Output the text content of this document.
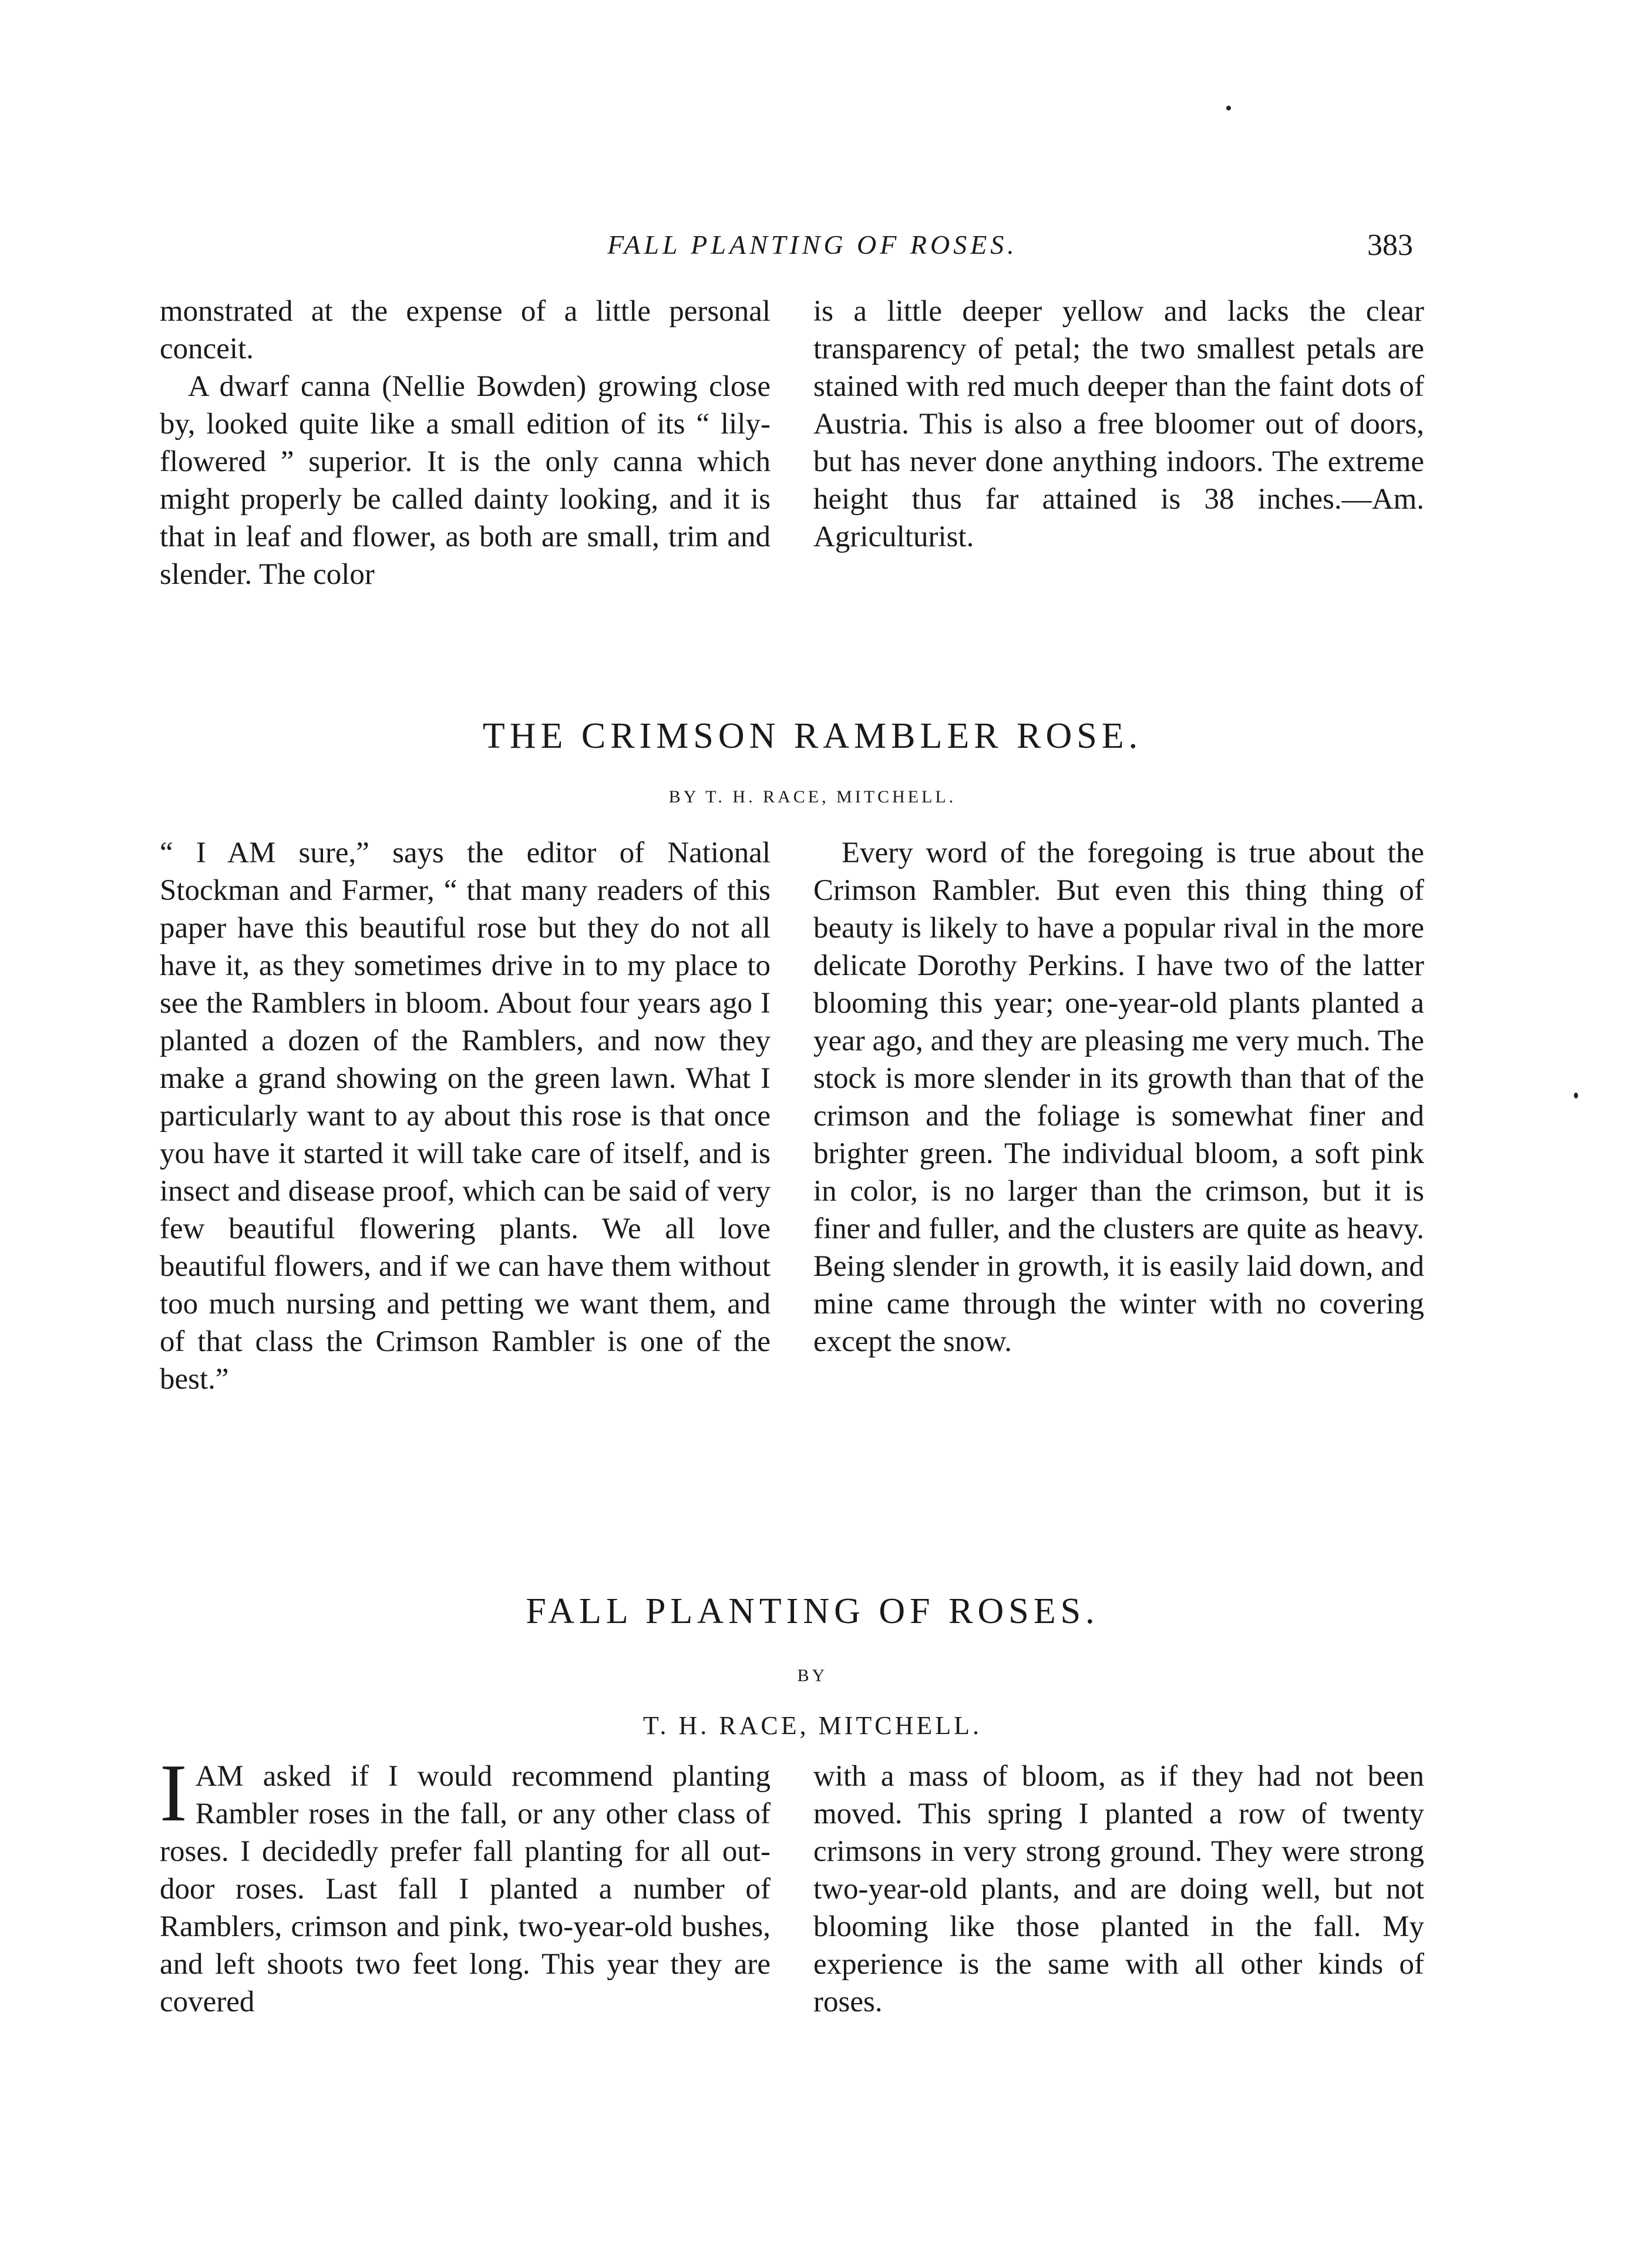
FALL PLANTING OF ROSES.	383

monstrated at the expense of a little personal conceit.

A dwarf canna (Nellie Bowden) growing close by, looked quite like a small edition of its “ lily-flowered ” superior. It is the only canna which might properly be called dainty looking, and it is that in leaf and flower, as both are small, trim and slender. The color

is a little deeper yellow and lacks the clear transparency of petal; the two smallest petals are stained with red much deeper than the faint dots of Austria. This is also a free bloomer out of doors, but has never done anything indoors. The extreme height thus far attained is 38 inches.—Am. Agriculturist.

THE CRIMSON RAMBLER ROSE.
BY T. H. RACE, MITCHELL.

“ I AM sure,” says the editor of National Stockman and Farmer, “ that many readers of this paper have this beautiful rose but they do not all have it, as they sometimes drive in to my place to see the Ramblers in bloom. About four years ago I planted a dozen of the Ramblers, and now they make a grand showing on the green lawn. What I particularly want to ay about this rose is that once you have it started it will take care of itself, and is insect and disease proof, which can be said of very few beautiful flowering plants. We all love beautiful flowers, and if we can have them without too much nursing and petting we want them, and of that class the Crimson Rambler is one of the best.”

Every word of the foregoing is true about the Crimson Rambler. But even this thing thing of beauty is likely to have a popular rival in the more delicate Dorothy Perkins. I have two of the latter blooming this year; one-year-old plants planted a year ago, and they are pleasing me very much. The stock is more slender in its growth than that of the crimson and the foliage is somewhat finer and brighter green. The individual bloom, a soft pink in color, is no larger than the crimson, but it is finer and fuller, and the clusters are quite as heavy. Being slender in growth, it is easily laid down, and mine came through the winter with no covering except the snow.

FALL PLANTING OF ROSES.
BY
T. H. RACE, MITCHELL.

IAM asked if I would recommend planting Rambler roses in the fall, or any other class of roses. I decidedly prefer fall planting for all out-door roses. Last fall I planted a number of Ramblers, crimson and pink, two-year-old bushes, and left shoots two feet long. This year they are covered

with a mass of bloom, as if they had not been moved. This spring I planted a row of twenty crimsons in very strong ground. They were strong two-year-old plants, and are doing well, but not blooming like those planted in the fall. My experience is the same with all other kinds of roses.
